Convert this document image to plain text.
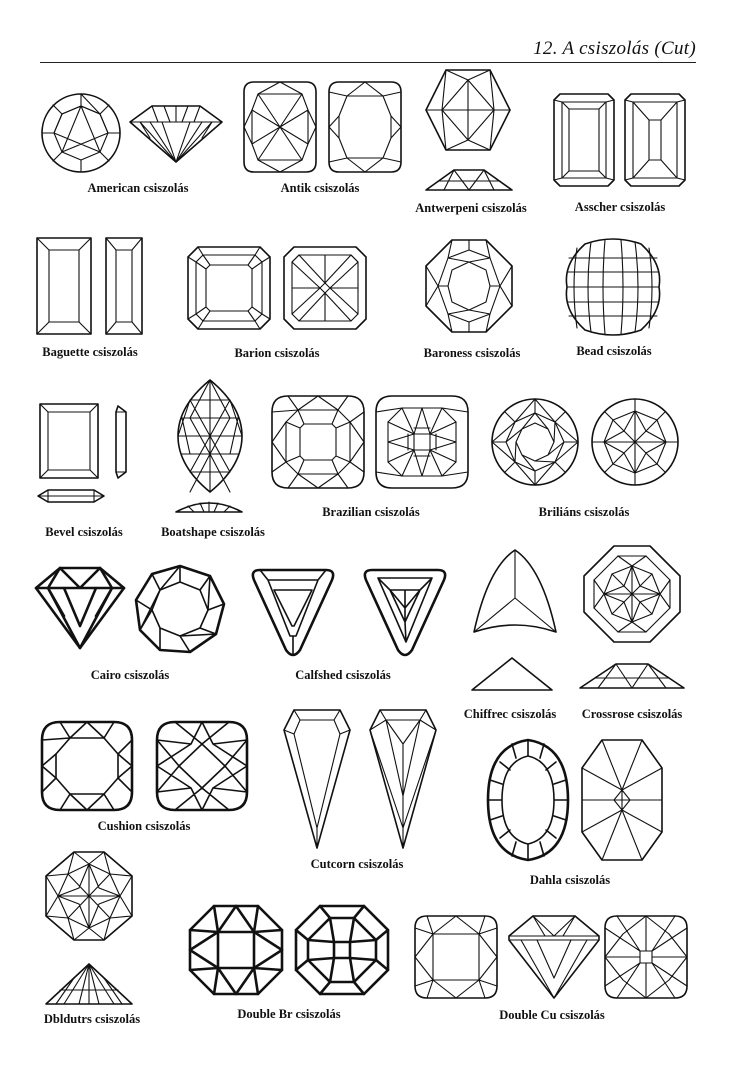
12. A csiszolás (Cut)
American csiszolás	Antik csiszolás
Antwerpeni csiszolás	Asscher csiszolás
Baguette csiszolás	Barion csiszolás	Baroness csiszolás	Bead csiszolás
Bevel csiszolás	Boatshape csiszolás
Brazilian csiszolás	Briliáns csiszolás
Cairo csiszolás	Calfshed csiszolás
Chiffrec csiszolás Crossrose csiszolás
Cushion csiszolás
Cutcorn csiszolás
Dahla csiszolás
Dbldutrs csiszolás	Double Br csiszolás	Double Cu csiszolás
